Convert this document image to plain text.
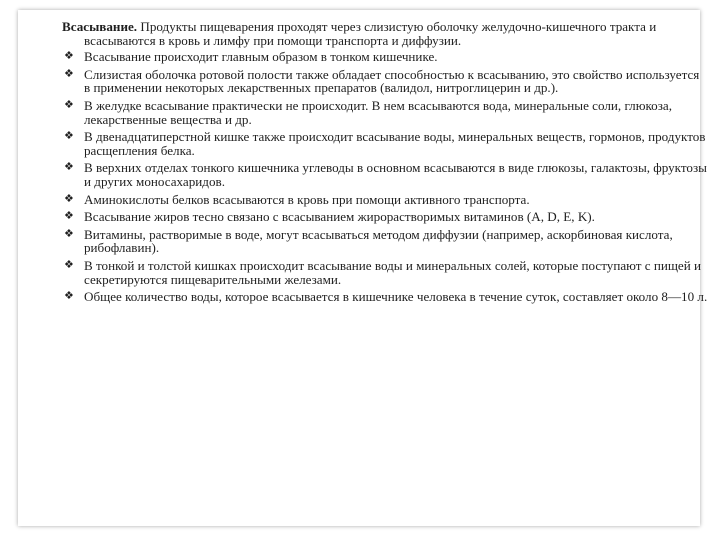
Всасывание. Продукты пищеварения проходят через слизистую оболочку желудочно-кишечного тракта и всасываются в кровь и лимфу при помощи транспорта и диффузии.

❖ Всасывание происходит главным образом в тонком кишечнике.
❖ Слизистая оболочка ротовой полости также обладает способностью к всасыванию, это свойство используется в применении некоторых лекарственных препаратов (валидол, нитроглицерин и др.).
❖ В желудке всасывание практически не происходит. В нем всасываются вода, минеральные соли, глюкоза, лекарственные вещества и др.
❖ В двенадцатиперстной кишке также происходит всасывание воды, минеральных веществ, гормонов, продуктов расщепления белка.
❖ В верхних отделах тонкого кишечника углеводы в основном всасываются в виде глюкозы, галактозы, фруктозы и других моносахаридов.
❖ Аминокислоты белков всасываются в кровь при помощи активного транспорта.
❖ Всасывание жиров тесно связано с всасыванием жирорастворимых витаминов (A, D, E, K).
❖ Витамины, растворимые в воде, могут всасываться методом диффузии (например, аскорбиновая кислота, рибофлавин).
❖ В тонкой и толстой кишках происходит всасывание воды и минеральных солей, которые поступают с пищей и секретируются пищеварительными железами.
❖ Общее количество воды, которое всасывается в кишечнике человека в течение суток, составляет около 8—10 л.
